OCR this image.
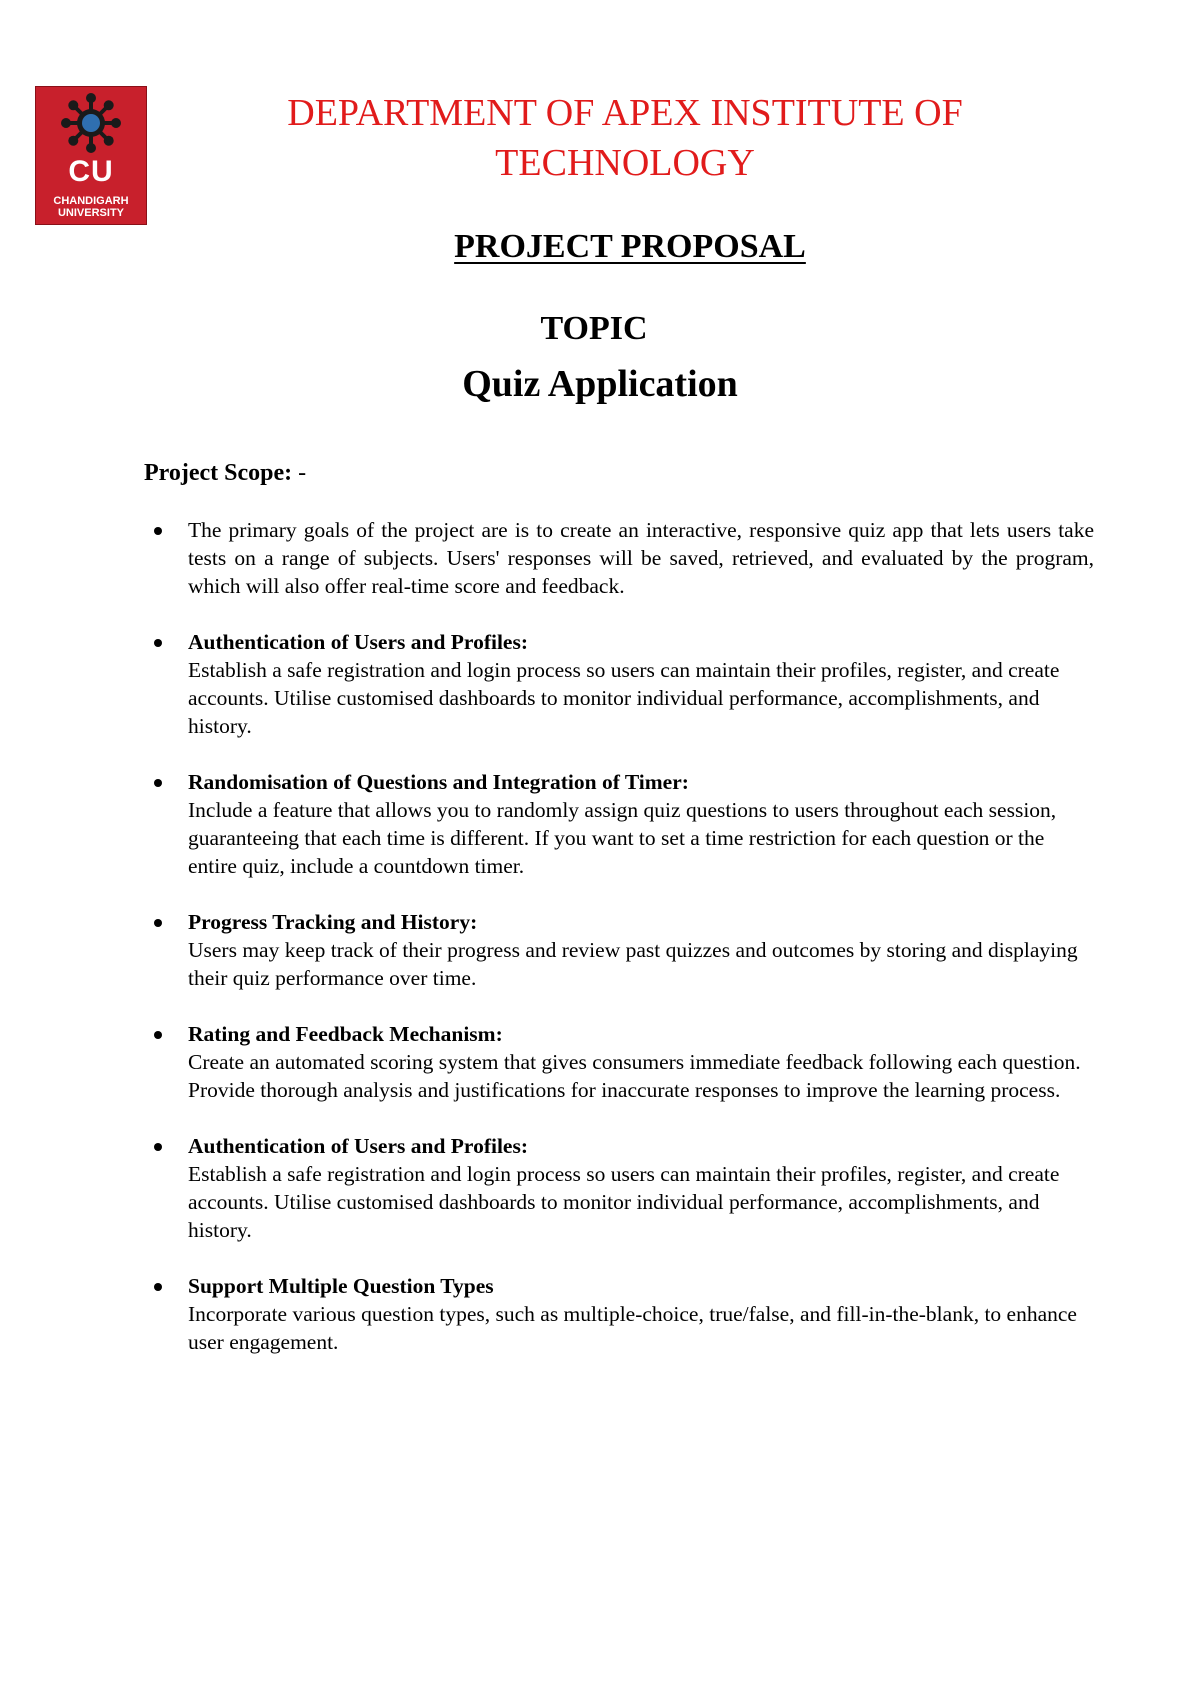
CU
CHANDIGARH
UNIVERSITY
DEPARTMENT OF APEX INSTITUTE OF TECHNOLOGY
PROJECT PROPOSAL
TOPIC
Quiz Application
Project Scope: -
The primary goals of the project are is to create an interactive, responsive quiz app that lets users take tests on a range of subjects. Users' responses will be saved, retrieved, and evaluated by the program, which will also offer real-time score and feedback.
Authentication of Users and Profiles:
Establish a safe registration and login process so users can maintain their profiles, register, and create accounts. Utilise customised dashboards to monitor individual performance, accomplishments, and history.
Randomisation of Questions and Integration of Timer:
Include a feature that allows you to randomly assign quiz questions to users throughout each session, guaranteeing that each time is different. If you want to set a time restriction for each question or the entire quiz, include a countdown timer.
Progress Tracking and History:
Users may keep track of their progress and review past quizzes and outcomes by storing and displaying their quiz performance over time.
Rating and Feedback Mechanism:
Create an automated scoring system that gives consumers immediate feedback following each question. Provide thorough analysis and justifications for inaccurate responses to improve the learning process.
Authentication of Users and Profiles:
Establish a safe registration and login process so users can maintain their profiles, register, and create accounts. Utilise customised dashboards to monitor individual performance, accomplishments, and history.
Support Multiple Question Types
Incorporate various question types, such as multiple-choice, true/false, and fill-in-the-blank, to enhance user engagement.
